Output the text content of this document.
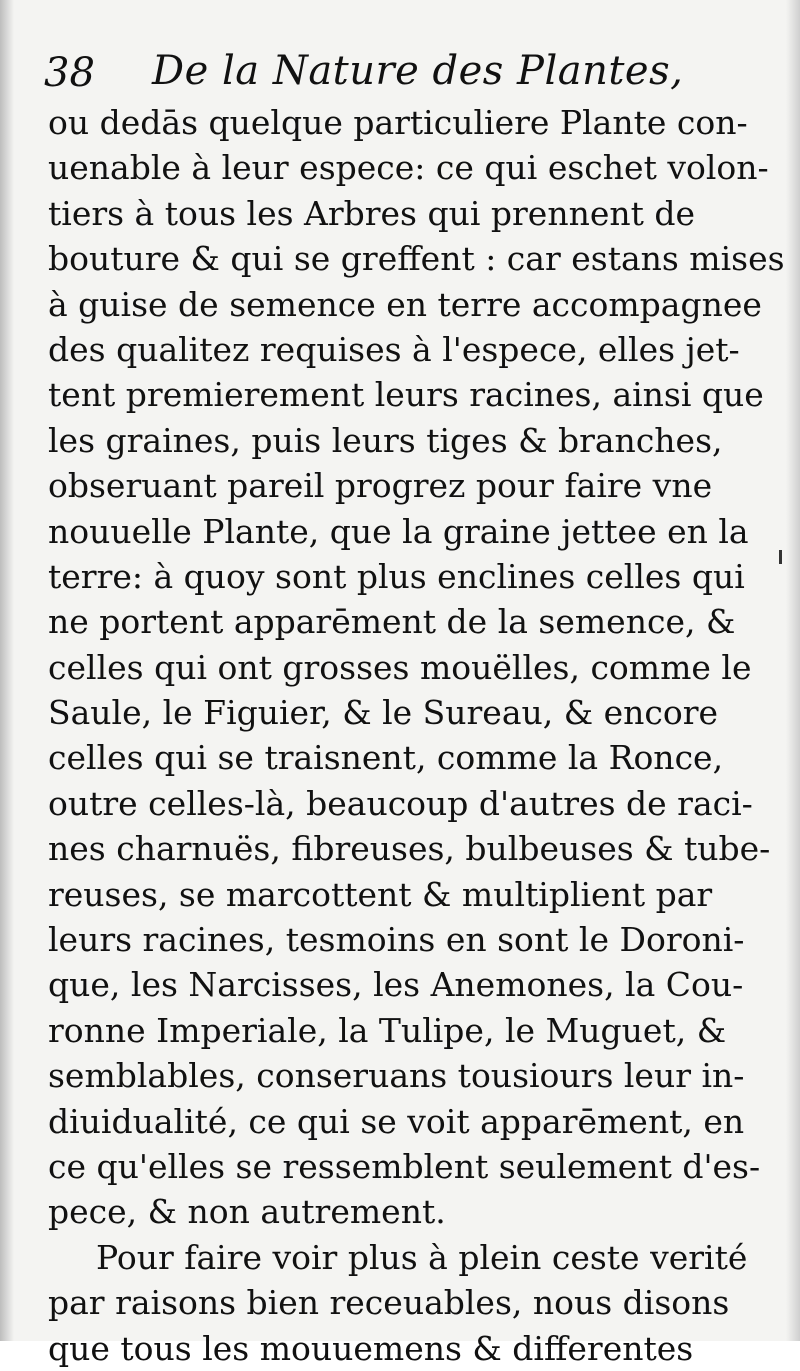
38 De la Nature des Plantes,
ou dedās quelque particuliere Plante con-
uenable à leur espece: ce qui eschet volon-
tiers à tous les Arbres qui prennent de
bouture & qui se greffent : car estans mises
à guise de semence en terre accompagnee
des qualitez requises à l'espece, elles jet-
tent premierement leurs racines, ainsi que
les graines, puis leurs tiges & branches,
obseruant pareil progrez pour faire vne
nouuelle Plante, que la graine jettee en la
terre: à quoy sont plus enclines celles qui
ne portent apparēment de la semence, &
celles qui ont grosses mouëlles, comme le
Saule, le Figuier, & le Sureau, & encore
celles qui se traisnent, comme la Ronce,
outre celles-là, beaucoup d'autres de raci-
nes charnuës, fibreuses, bulbeuses & tube-
reuses, se marcottent & multiplient par
leurs racines, tesmoins en sont le Doroni-
que, les Narcisses, les Anemones, la Cou-
ronne Imperiale, la Tulipe, le Muguet, &
semblables, conseruans tousiours leur in-
diuidualité, ce qui se voit apparēment, en
ce qu'elles se ressemblent seulement d'es-
pece, & non autrement.
Pour faire voir plus à plein ceste verité
par raisons bien receuables, nous disons
que tous les mouuemens & differentes
